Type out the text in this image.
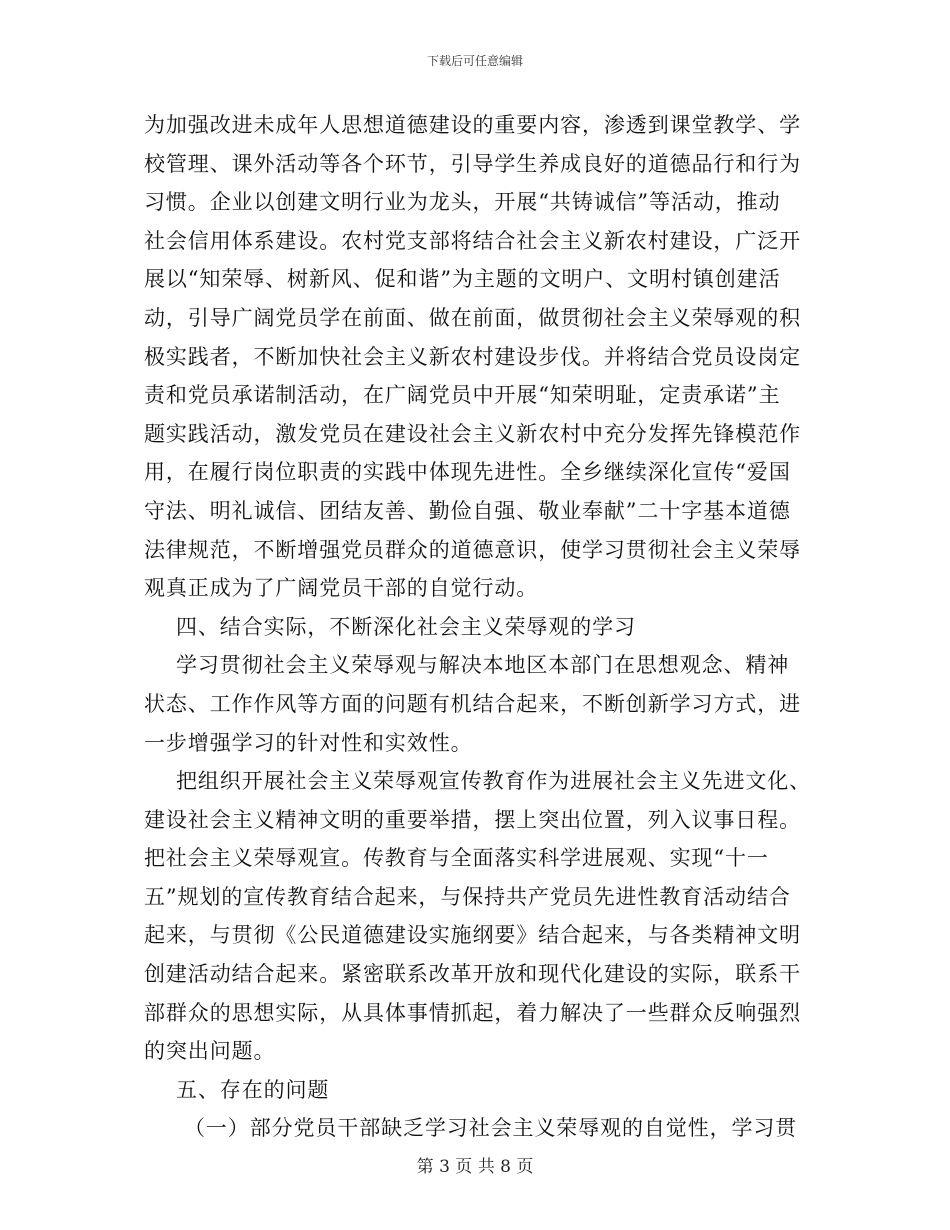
下载后可任意编辑
为加强改进未成年人思想道德建设的重要内容，渗透到课堂教学、学
校管理、课外活动等各个环节，引导学生养成良好的道德品行和行为
习惯。企业以创建文明行业为龙头，开展“共铸诚信”等活动，推动
社会信用体系建设。农村党支部将结合社会主义新农村建设，广泛开
展以“知荣辱、树新风、促和谐”为主题的文明户、文明村镇创建活
动，引导广阔党员学在前面、做在前面，做贯彻社会主义荣辱观的积
极实践者，不断加快社会主义新农村建设步伐。并将结合党员设岗定
责和党员承诺制活动，在广阔党员中开展“知荣明耻，定责承诺”主
题实践活动，激发党员在建设社会主义新农村中充分发挥先锋模范作
用，在履行岗位职责的实践中体现先进性。全乡继续深化宣传“爱国
守法、明礼诚信、团结友善、勤俭自强、敬业奉献”二十字基本道德
法律规范，不断增强党员群众的道德意识，使学习贯彻社会主义荣辱
观真正成为了广阔党员干部的自觉行动。
四、结合实际，不断深化社会主义荣辱观的学习
学习贯彻社会主义荣辱观与解决本地区本部门在思想观念、精神
状态、工作作风等方面的问题有机结合起来，不断创新学习方式，进
一步增强学习的针对性和实效性。
把组织开展社会主义荣辱观宣传教育作为进展社会主义先进文化、
建设社会主义精神文明的重要举措，摆上突出位置，列入议事日程。
把社会主义荣辱观宣。传教育与全面落实科学进展观、实现“十一
五”规划的宣传教育结合起来，与保持共产党员先进性教育活动结合
起来，与贯彻《公民道德建设实施纲要》结合起来，与各类精神文明
创建活动结合起来。紧密联系改革开放和现代化建设的实际，联系干
部群众的思想实际，从具体事情抓起，着力解决了一些群众反响强烈
的突出问题。
五、存在的问题
（一）部分党员干部缺乏学习社会主义荣辱观的自觉性，学习贯
第 3 页 共 8 页
